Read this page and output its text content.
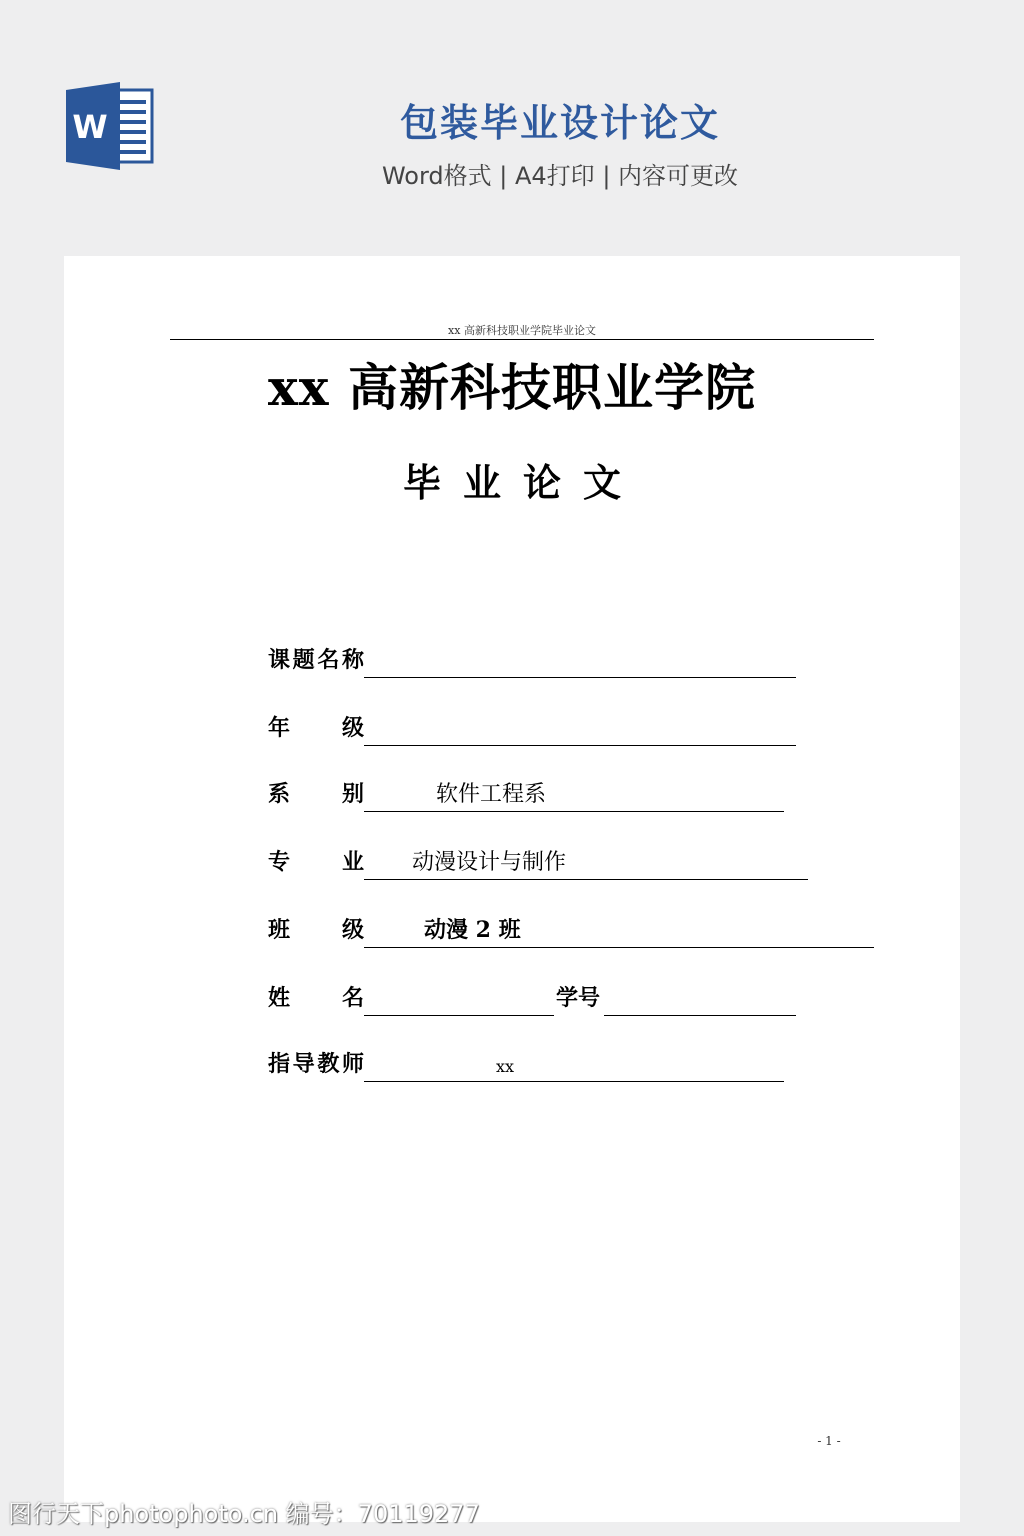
W	包装毕业设计论文
Word格式 | A4打印 | 内容可更改
xx 高新科技职业学院毕业论文
xx 高新科技职业学院
毕业论文
课 题 名 称
年 级
系 别	软件工程系
专 业 动漫设计与制作
班 级	动漫 2 班
姓 名	学号
指 导 教 师	xx
- 1 -
图行天下photophoto.cn 编号：70119277
